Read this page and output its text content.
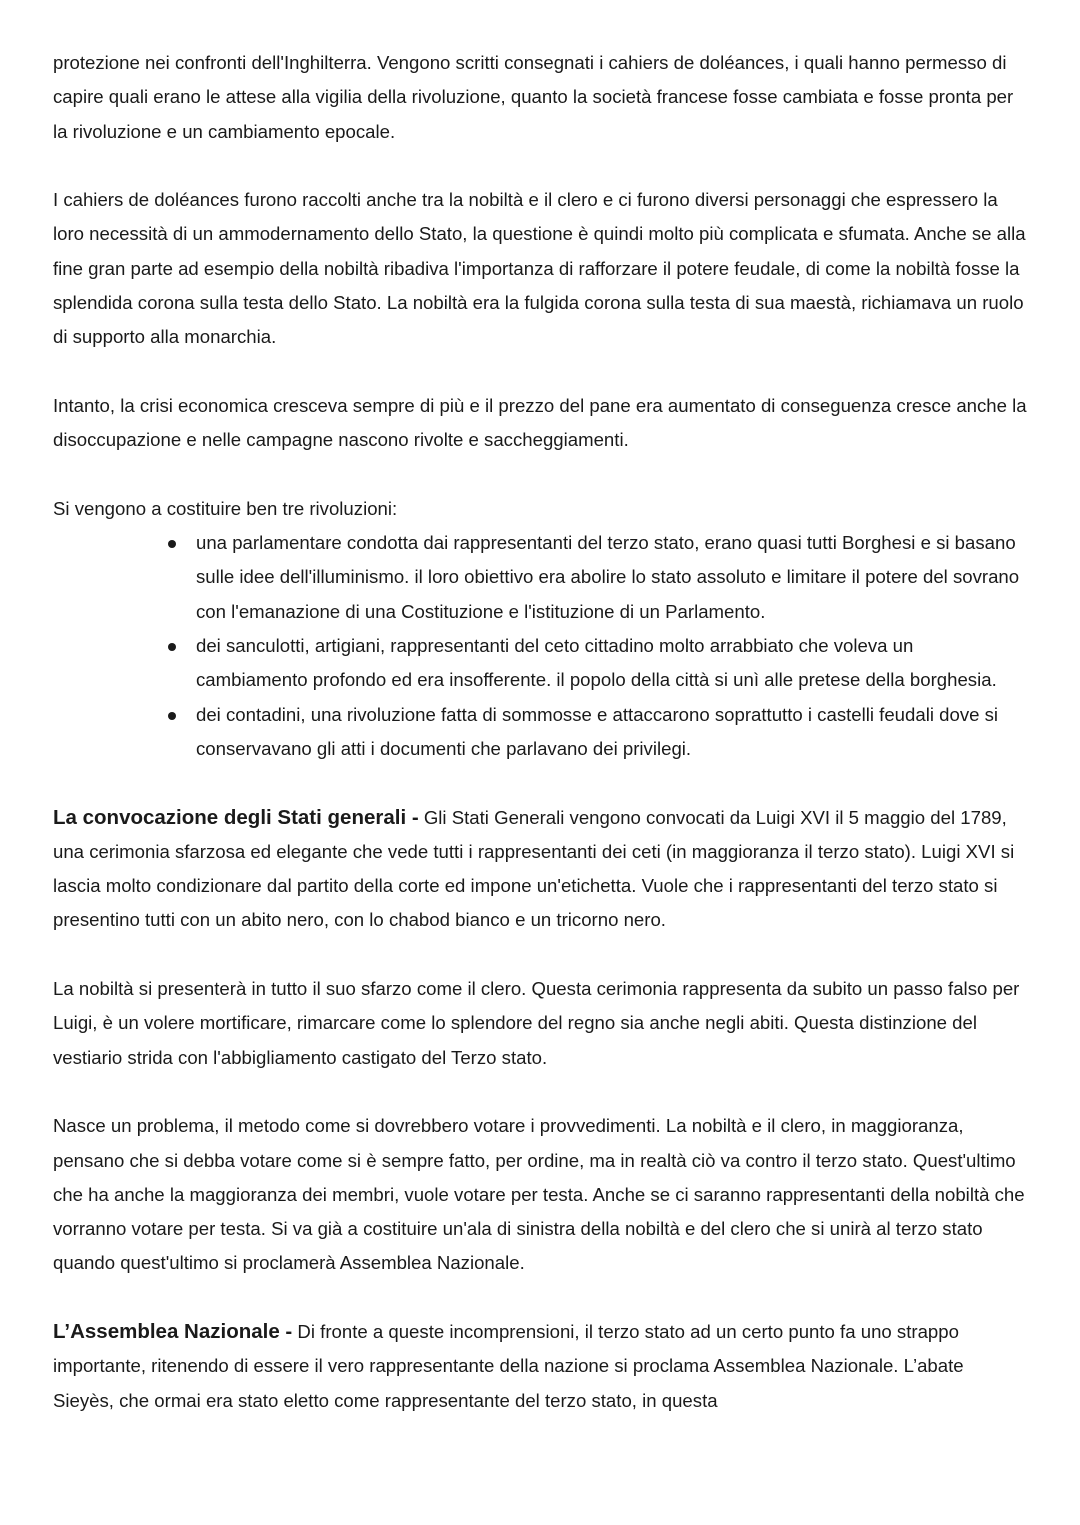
protezione nei confronti dell'Inghilterra. Vengono scritti consegnati i cahiers de doléances, i quali hanno permesso di capire quali erano le attese alla vigilia della rivoluzione, quanto la società francese fosse cambiata e fosse pronta per la rivoluzione e un cambiamento epocale.

I cahiers de doléances furono raccolti anche tra la nobiltà e il clero e ci furono diversi personaggi che espressero la loro necessità di un ammodernamento dello Stato, la questione è quindi molto più complicata e sfumata. Anche se alla fine gran parte ad esempio della nobiltà ribadiva l'importanza di rafforzare il potere feudale, di come la nobiltà fosse la splendida corona sulla testa dello Stato. La nobiltà era la fulgida corona sulla testa di sua maestà, richiamava un ruolo di supporto alla monarchia.

Intanto, la crisi economica cresceva sempre di più e il prezzo del pane era aumentato di conseguenza cresce anche la disoccupazione e nelle campagne nascono rivolte e saccheggiamenti.

Si vengono a costituire ben tre rivoluzioni:

una parlamentare condotta dai rappresentanti del terzo stato, erano quasi tutti Borghesi e si basano sulle idee dell'illuminismo. il loro obiettivo era abolire lo stato assoluto e limitare il potere del sovrano con l'emanazione di una Costituzione e l'istituzione di un Parlamento.
dei sanculotti, artigiani, rappresentanti del ceto cittadino molto arrabbiato che voleva un cambiamento profondo ed era insofferente. il popolo della città si unì alle pretese della borghesia.
dei contadini, una rivoluzione fatta di sommosse e attaccarono soprattutto i castelli feudali dove si conservavano gli atti i documenti che parlavano dei privilegi.

La convocazione degli Stati generali - Gli Stati Generali vengono convocati da Luigi XVI il 5 maggio del 1789, una cerimonia sfarzosa ed elegante che vede tutti i rappresentanti dei ceti (in maggioranza il terzo stato). Luigi XVI si lascia molto condizionare dal partito della corte ed impone un'etichetta. Vuole che i rappresentanti del terzo stato si presentino tutti con un abito nero, con lo chabod bianco e un tricorno nero.

La nobiltà si presenterà in tutto il suo sfarzo come il clero. Questa cerimonia rappresenta da subito un passo falso per Luigi, è un volere mortificare, rimarcare come lo splendore del regno sia anche negli abiti. Questa distinzione del vestiario strida con l'abbigliamento castigato del Terzo stato.

Nasce un problema, il metodo come si dovrebbero votare i provvedimenti. La nobiltà e il clero, in maggioranza, pensano che si debba votare come si è sempre fatto, per ordine, ma in realtà ciò va contro il terzo stato. Quest'ultimo che ha anche la maggioranza dei membri, vuole votare per testa. Anche se ci saranno rappresentanti della nobiltà che vorranno votare per testa. Si va già a costituire un'ala di sinistra della nobiltà e del clero che si unirà al terzo stato quando quest'ultimo si proclamerà Assemblea Nazionale.

L’Assemblea Nazionale - Di fronte a queste incomprensioni, il terzo stato ad un certo punto fa uno strappo importante, ritenendo di essere il vero rappresentante della nazione si proclama Assemblea Nazionale. L’abate Sieyès, che ormai era stato eletto come rappresentante del terzo stato, in questa
